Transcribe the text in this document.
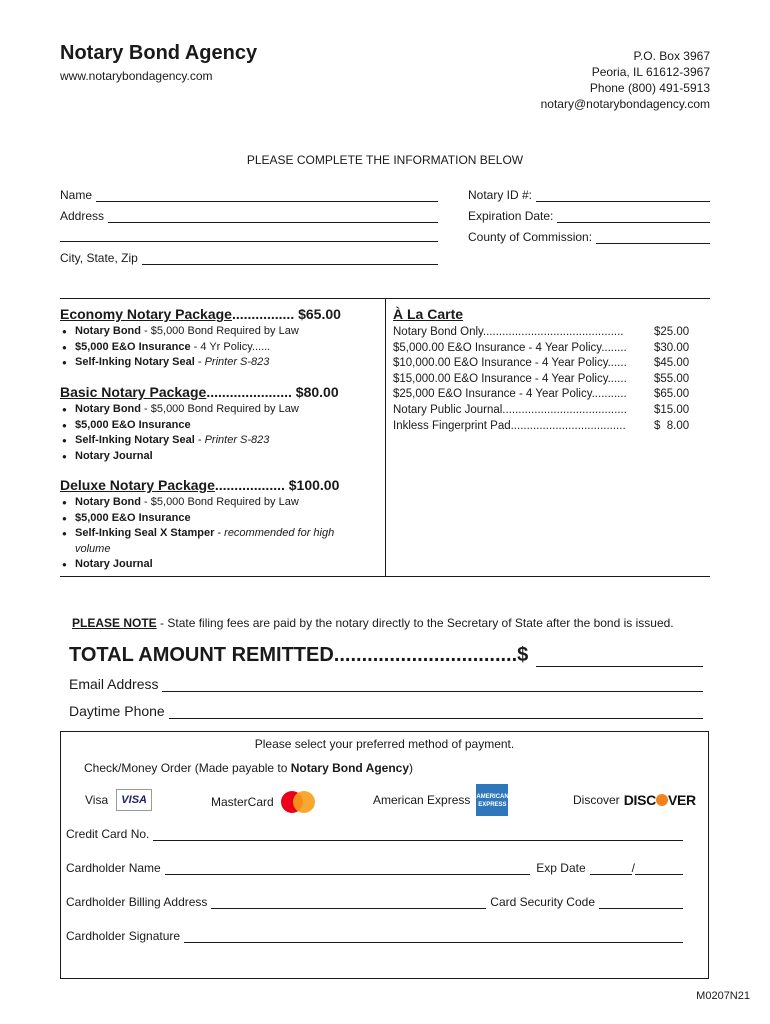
Notary Bond Agency
www.notarybondagency.com
P.O. Box 3967
Peoria, IL 61612-3967
Phone (800) 491-5913
notary@notarybondagency.com
PLEASE COMPLETE THE INFORMATION BELOW
Name
Address
City, State, Zip
Notary ID #:
Expiration Date:
County of Commission:
Economy Notary Package ................
$65.00
● Notary Bond - $5,000 Bond Required by Law
● $5,000 E&O Insurance - 4 Yr Policy......
● Self-Inking Notary Seal - Printer S-823
Basic Notary Package ......................
$80.00
● Notary Bond - $5,000 Bond Required by Law
● $5,000 E&O Insurance
● Self-Inking Notary Seal - Printer S-823
● Notary Journal
Deluxe Notary Package ..................
$100.00
● Notary Bond - $5,000 Bond Required by Law
● $5,000 E&O Insurance
● Self-Inking Seal X Stamper - recommended for high volume
● Notary Journal
À La Carte
Notary Bond Only............................................	$25.00
$5,000.00 E&O Insurance - 4 Year Policy........	$30.00
$10,000.00 E&O Insurance - 4 Year Policy......	$45.00
$15,000.00 E&O Insurance - 4 Year Policy......	$55.00
$25,000 E&O Insurance - 4 Year Policy...........	$65.00
Notary Public Journal.......................................	$15.00
Inkless Fingerprint Pad....................................	$  8.00
PLEASE NOTE - State filing fees are paid by the notary directly to the Secretary of State after the bond is issued.
TOTAL AMOUNT REMITTED.................................$
Email Address
Daytime Phone
Please select your preferred method of payment.
Check/Money Order (Made payable to Notary Bond Agency)
Visa	VISA	MasterCard	American Express AMERICAN EXPRESS	Discover DISC VER
Credit Card No.
Cardholder Name	Exp Date	/
Cardholder Billing Address	Card Security Code
Cardholder Signature
M0207N21
